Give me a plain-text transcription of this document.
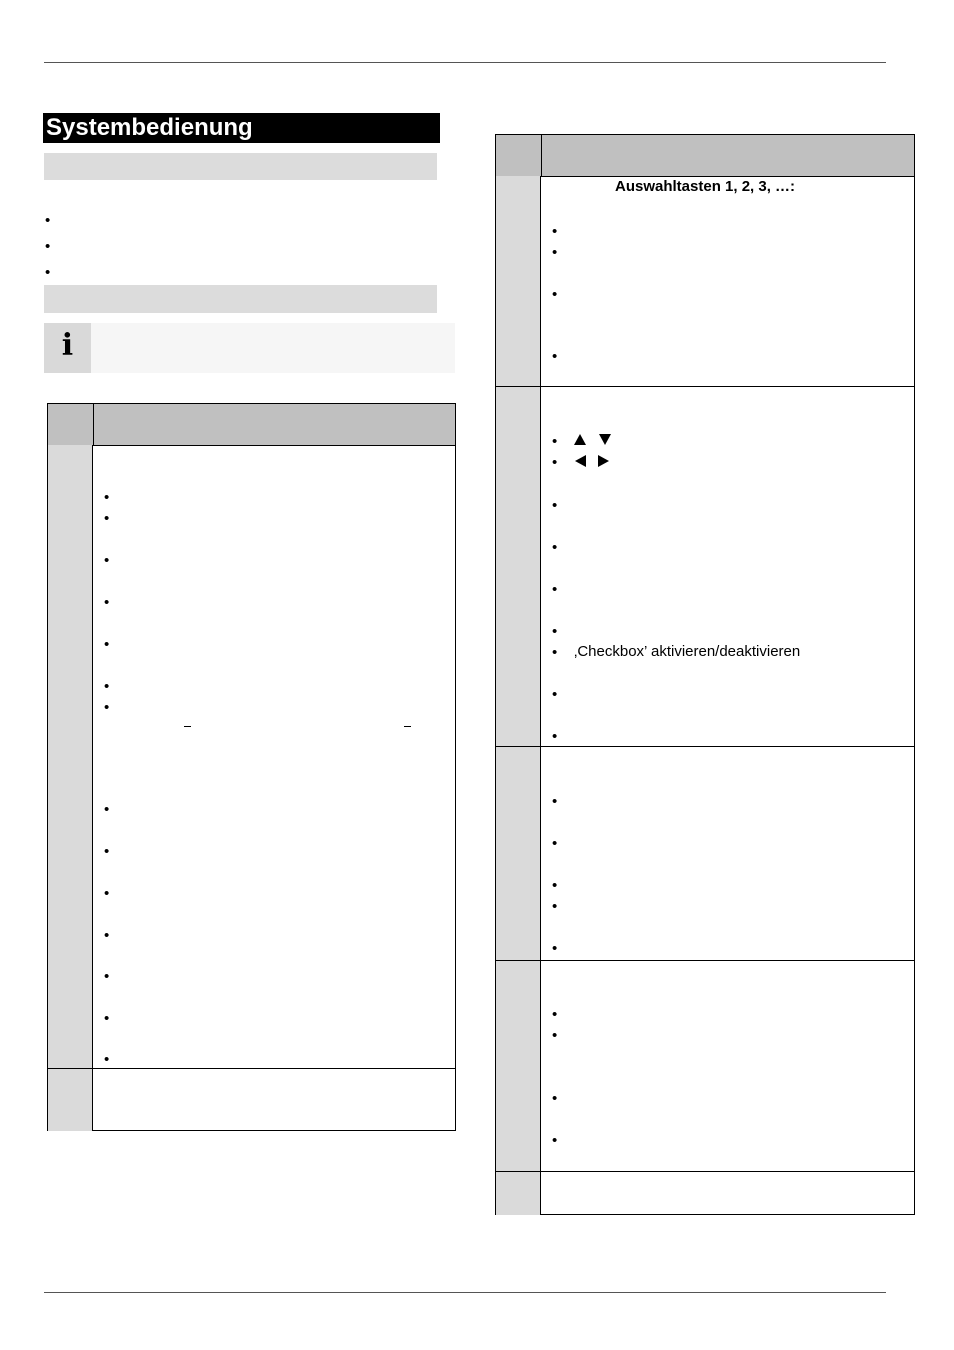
Systembedienung
•
•
•
i
•
•
•
•
•
•
•
•
•
•
•
•
•
•
Auswahltasten 1, 2, 3, …:
•
•
•
•
•
•
•
•
•
•
• ‚Checkbox’ aktivieren/deaktivieren
•
•
•
•
•
•
•
•
•
•
•
